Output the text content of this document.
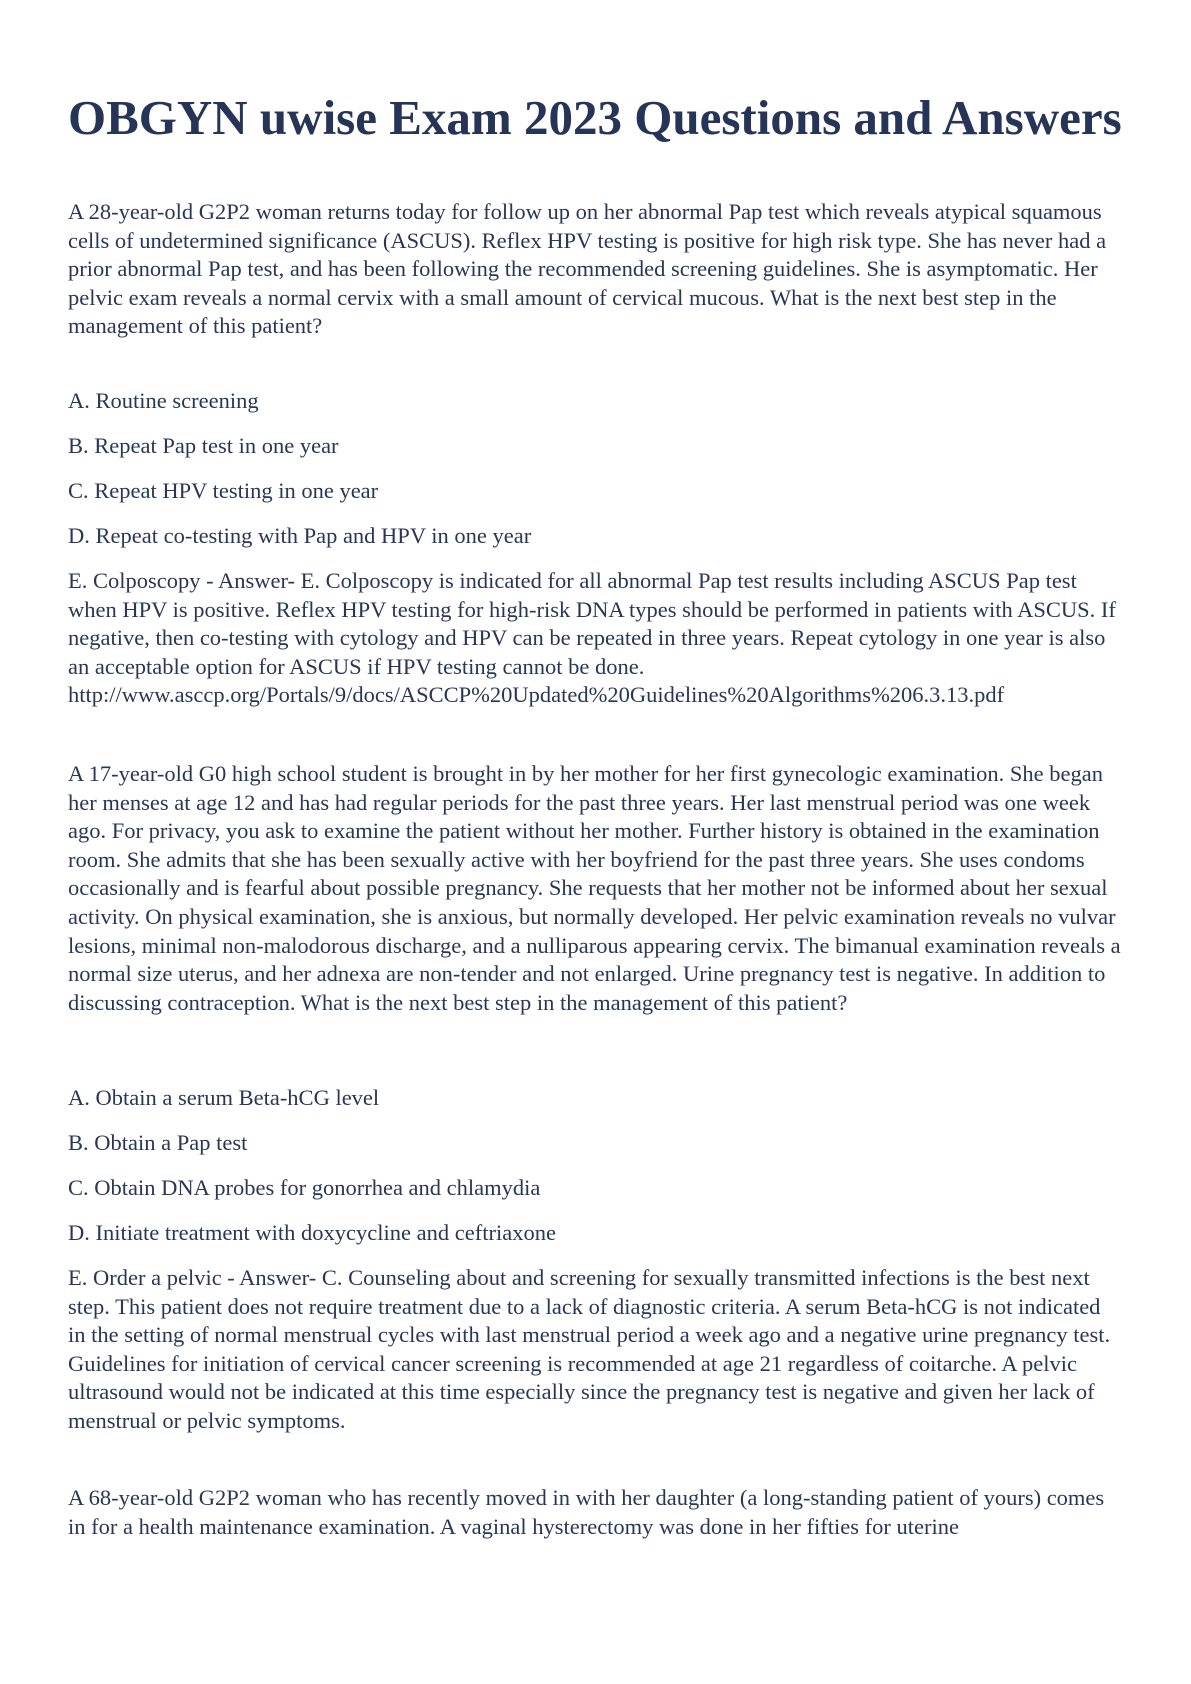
OBGYN uwise Exam 2023 Questions and Answers

A 28-year-old G2P2 woman returns today for follow up on her abnormal Pap test which reveals atypical squamous cells of undetermined significance (ASCUS). Reflex HPV testing is positive for high risk type. She has never had a prior abnormal Pap test, and has been following the recommended screening guidelines. She is asymptomatic. Her pelvic exam reveals a normal cervix with a small amount of cervical mucous. What is the next best step in the management of this patient?

A. Routine screening

B. Repeat Pap test in one year

C. Repeat HPV testing in one year

D. Repeat co-testing with Pap and HPV in one year

E. Colposcopy - Answer- E. Colposcopy is indicated for all abnormal Pap test results including ASCUS Pap test when HPV is positive. Reflex HPV testing for high-risk DNA types should be performed in patients with ASCUS. If negative, then co-testing with cytology and HPV can be repeated in three years. Repeat cytology in one year is also an acceptable option for ASCUS if HPV testing cannot be done.
http://www.asccp.org/Portals/9/docs/ASCCP%20Updated%20Guidelines%20Algorithms%206.3.13.pdf

A 17-year-old G0 high school student is brought in by her mother for her first gynecologic examination. She began her menses at age 12 and has had regular periods for the past three years. Her last menstrual period was one week ago. For privacy, you ask to examine the patient without her mother. Further history is obtained in the examination room. She admits that she has been sexually active with her boyfriend for the past three years. She uses condoms occasionally and is fearful about possible pregnancy. She requests that her mother not be informed about her sexual activity. On physical examination, she is anxious, but normally developed. Her pelvic examination reveals no vulvar lesions, minimal non-malodorous discharge, and a nulliparous appearing cervix. The bimanual examination reveals a normal size uterus, and her adnexa are non-tender and not enlarged. Urine pregnancy test is negative. In addition to discussing contraception. What is the next best step in the management of this patient?

A. Obtain a serum Beta-hCG level

B. Obtain a Pap test

C. Obtain DNA probes for gonorrhea and chlamydia

D. Initiate treatment with doxycycline and ceftriaxone

E. Order a pelvic - Answer- C. Counseling about and screening for sexually transmitted infections is the best next step. This patient does not require treatment due to a lack of diagnostic criteria. A serum Beta-hCG is not indicated in the setting of normal menstrual cycles with last menstrual period a week ago and a negative urine pregnancy test. Guidelines for initiation of cervical cancer screening is recommended at age 21 regardless of coitarche. A pelvic ultrasound would not be indicated at this time especially since the pregnancy test is negative and given her lack of menstrual or pelvic symptoms.

A 68-year-old G2P2 woman who has recently moved in with her daughter (a long-standing patient of yours) comes in for a health maintenance examination. A vaginal hysterectomy was done in her fifties for uterine
